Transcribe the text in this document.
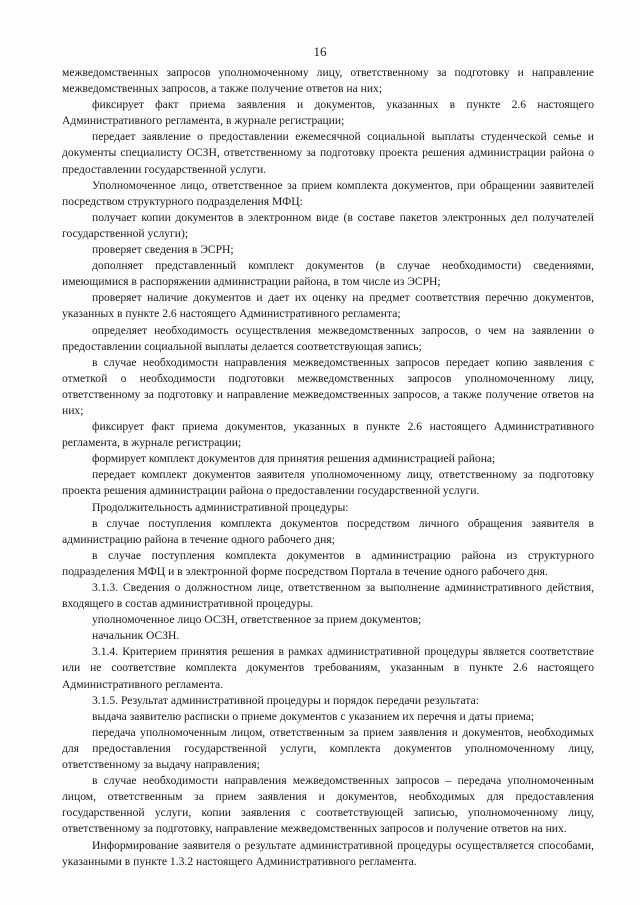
16

межведомственных запросов уполномоченному лицу, ответственному за подготовку и направление межведомственных запросов, а также получение ответов на них;

фиксирует факт приема заявления и документов, указанных в пункте 2.6 настоящего Административного регламента, в журнале регистрации;

передает заявление о предоставлении ежемесячной социальной выплаты студенческой семье и документы специалисту ОСЗН, ответственному за подготовку проекта решения администрации района о предоставлении государственной услуги.

Уполномоченное лицо, ответственное за прием комплекта документов, при обращении заявителей посредством структурного подразделения МФЦ:

получает копии документов в электронном виде (в составе пакетов электронных дел получателей государственной услуги);

проверяет сведения в ЭСРН;

дополняет представленный комплект документов (в случае необходимости) сведениями, имеющимися в распоряжении администрации района, в том числе из ЭСРН;

проверяет наличие документов и дает их оценку на предмет соответствия перечню документов, указанных в пункте 2.6 настоящего Административного регламента;

определяет необходимость осуществления межведомственных запросов, о чем на заявлении о предоставлении социальной выплаты делается соответствующая запись;

в случае необходимости направления межведомственных запросов передает копию заявления с отметкой о необходимости подготовки межведомственных запросов уполномоченному лицу, ответственному за подготовку и направление межведомственных запросов, а также получение ответов на них;

фиксирует факт приема документов, указанных в пункте 2.6 настоящего Административного регламента, в журнале регистрации;

формирует комплект документов для принятия решения администрацией района;

передает комплект документов заявителя уполномоченному лицу, ответственному за подготовку проекта решения администрации района о предоставлении государственной услуги.

Продолжительность административной процедуры:

в случае поступления комплекта документов посредством личного обращения заявителя в администрацию района в течение одного рабочего дня;

в случае поступления комплекта документов в администрацию района из структурного подразделения МФЦ и в электронной форме посредством Портала в течение одного рабочего дня.

3.1.3. Сведения о должностном лице, ответственном за выполнение административного действия, входящего в состав административной процедуры.

уполномоченное лицо ОСЗН, ответственное за прием документов;

начальник ОСЗН.

3.1.4. Критерием принятия решения в рамках административной процедуры является соответствие или не соответствие комплекта документов требованиям, указанным в пункте 2.6 настоящего Административного регламента.

3.1.5. Результат административной процедуры и порядок передачи результата:

выдача заявителю расписки о приеме документов с указанием их перечня и даты приема;

передача уполномоченным лицом, ответственным за прием заявления и документов, необходимых для предоставления государственной услуги, комплекта документов уполномоченному лицу, ответственному за выдачу направления;

в случае необходимости направления межведомственных запросов – передача уполномоченным лицом, ответственным за прием заявления и документов, необходимых для предоставления государственной услуги, копии заявления с соответствующей записью, уполномоченному лицу, ответственному за подготовку, направление межведомственных запросов и получение ответов на них.

Информирование заявителя о результате административной процедуры осуществляется способами, указанными в пункте 1.3.2 настоящего Административного регламента.
